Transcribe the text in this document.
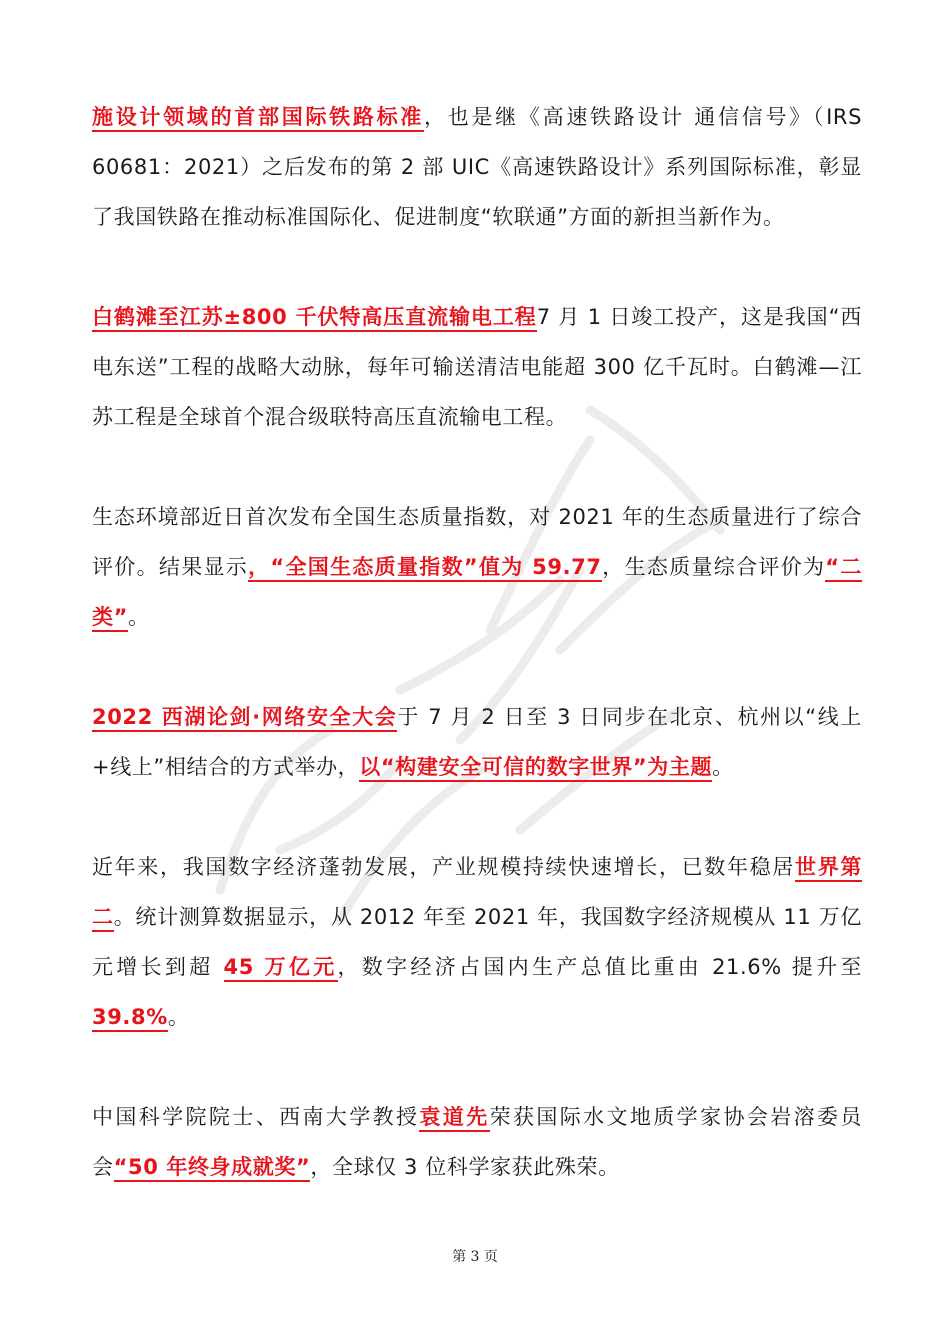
施设计领域的首部国际铁路标准，也是继《高速铁路设计 通信信号》（IRS 60681：2021）之后发布的第 2 部 UIC《高速铁路设计》系列国际标准，彰显了我国铁路在推动标准国际化、促进制度“软联通”方面的新担当新作为。

白鹤滩至江苏±800 千伏特高压直流输电工程7 月 1 日竣工投产，这是我国“西电东送”工程的战略大动脉，每年可输送清洁电能超 300 亿千瓦时。白鹤滩—江苏工程是全球首个混合级联特高压直流输电工程。

生态环境部近日首次发布全国生态质量指数，对 2021 年的生态质量进行了综合评价。结果显示，“全国生态质量指数”值为 59.77，生态质量综合评价为“二类”。

2022 西湖论剑·网络安全大会于 7 月 2 日至 3 日同步在北京、杭州以“线上+线上”相结合的方式举办，以“构建安全可信的数字世界”为主题。

近年来，我国数字经济蓬勃发展，产业规模持续快速增长，已数年稳居世界第二。统计测算数据显示，从 2012 年至 2021 年，我国数字经济规模从 11 万亿元增长到超 45 万亿元，数字经济占国内生产总值比重由 21.6% 提升至 39.8%。

中国科学院院士、西南大学教授袁道先荣获国际水文地质学家协会岩溶委员会“50 年终身成就奖”，全球仅 3 位科学家获此殊荣。

第 3 页
